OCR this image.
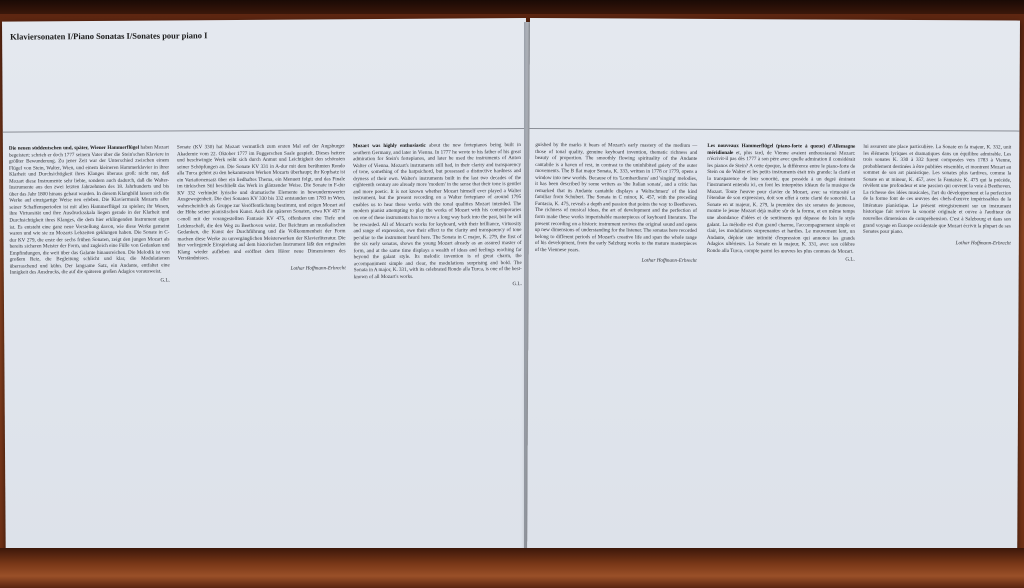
Klaviersonaten I/Piano Sonatas I/Sonates pour piano I

Die neuen süddeutschen und, später, Wiener Hammerflügel haben Mozart begeistert: schrieb er doch 1777 seinem Vater über die Stein'schen Klaviere in größter Bewunderung. Zu jener Zeit war der Unterschied zwischen einem Flügel von Stein, Walter, Wien, und einem kleineren Hammerklavier in ihrer Klarheit und Durchsichtigkeit ihres Klanges überaus groß: nicht nur, daß Mozart diese Instrumente sehr liebte, sondern auch dadurch, daß die Walter-Instrumente aus den zwei letzten Jahrzehnten des 18. Jahrhunderts und bis über das Jahr 1800 hinaus gebaut wurden. In diesem Klangbild lassen sich die Werke auf einzigartige Weise neu erleben. Die Klaviermusik Mozarts aller seiner Schaffensperioden ist mit allen Hammerflügel zu spielen; ihr Wesen, ihre Virtuosität und ihre Ausdrucksskala liegen gerade in der Klarheit und Durchsichtigkeit ihres Klanges, die dem hier erklingenden Instrument eigen ist. Es entsteht eine ganz neue Vorstellung davon, wie diese Werke gemeint waren und wie sie zu Mozarts Lebzeiten geklungen haben. Die Sonate in C-dur KV 279, die erste der sechs frühen Sonaten, zeigt den jungen Mozart als bereits sicheren Meister der Form, und zugleich eine Fülle von Gedanken und Empfindungen, die weit über das Galante hinausreichen. Die Melodik ist von großem Reiz, die Begleitung schlicht und klar, die Modulationen überraschend und kühn. Der langsame Satz, ein Andante, entfaltet eine Innigkeit des Ausdrucks, die auf die späteren großen Adagios vorausweist.

G.L.

Sonate (KV 330) hat Mozart vermutlich zum ersten Mal auf der Augsburger Akademie vom 22. Oktober 1777 im Fuggerschen Saale gespielt. Dieses heitere und beschwingte Werk reiht sich durch Anmut und Leichtigkeit den schönsten seiner Schöpfungen an. Die Sonate KV 331 in A-dur mit dem berühmten Rondo alla Turca gehört zu den bekanntesten Werken Mozarts überhaupt; ihr Kopfsatz ist ein Variationensatz über ein liedhaftes Thema, ein Menuett folgt, und das Finale im türkischen Stil beschließt das Werk in glänzender Weise. Die Sonate in F-dur KV 332 verbindet lyrische und dramatische Elemente in bewundernswerter Ausgewogenheit. Die drei Sonaten KV 330 bis 332 entstanden um 1783 in Wien, wahrscheinlich als Gruppe zur Veröffentlichung bestimmt, und zeigen Mozart auf der Höhe seiner pianistischen Kunst. Auch die späteren Sonaten, etwa KV 457 in c-moll mit der vorangestellten Fantasie KV 475, offenbaren eine Tiefe und Leidenschaft, die den Weg zu Beethoven weist. Der Reichtum an musikalischen Gedanken, die Kunst der Durchführung und die Vollkommenheit der Form machen diese Werke zu unvergänglichen Meisterwerken der Klavierliteratur. Die hier vorliegende Einspielung auf dem historischen Instrument läßt den originalen Klang wieder aufleben und eröffnet dem Hörer neue Dimensionen des Verständnisses.

Lothar Hoffmann-Erbrecht

Mozart was highly enthusiastic about the new fortepianos being built in southern Germany, and later in Vienna. In 1777 he wrote to his father of his great admiration for Stein's fortepianos, and later he used the instruments of Anton Walter of Vienna. Mozart's instruments still had, in their clarity and transparency of tone, something of the harpsichord, but possessed a distinctive hardness and dryness of their own. Walter's instruments built in the last two decades of the eighteenth century are already more 'modern' in the sense that their tone is gentler and more poetic. It is not known whether Mozart himself ever played a Walter instrument, but the present recording on a Walter fortepiano of around 1795 enables us to hear these works with the tonal qualities Mozart intended. The modern pianist attempting to play the works of Mozart with his contemporaries on one of these instruments has to move a long way back into the past, but he will be rewarded. All of Mozart's works for keyboard, with their brilliance, virtuosity and range of expression, owe their effect to the clarity and transparency of tone peculiar to the instrument heard here. The Sonata in C major, K. 279, the first of the six early sonatas, shows the young Mozart already as an assured master of form, and at the same time displays a wealth of ideas and feelings reaching far beyond the galant style. Its melodic invention is of great charm, the accompaniment simple and clear, the modulations surprising and bold. The Sonata in A major, K. 331, with its celebrated Rondo alla Turca, is one of the best-known of all Mozart's works.

G.L.

guished by the marks it bears of Mozart's early mastery of the medium — those of tonal quality, genuine keyboard invention, thematic richness and beauty of proportion. The smoothly flowing spirituality of the Andante cantabile is a haven of rest, in contrast to the uninhibited gaiety of the outer movements. The B flat major Sonata, K. 333, written in 1778 or 1779, opens a window into new worlds. Because of its 'Lombardisms' and 'singing' melodies, it has been described by some writers as 'the Italian sonata', and a critic has remarked that its Andante cantabile displays a 'Weltschmerz' of the kind familiar from Schubert. The Sonata in C minor, K. 457, with the preceding Fantasia, K. 475, reveals a depth and passion that points the way to Beethoven. The richness of musical ideas, the art of development and the perfection of form make these works imperishable masterpieces of keyboard literature. The present recording on a historic instrument revives the original sound and opens up new dimensions of understanding for the listener. The sonatas here recorded belong to different periods of Mozart's creative life and span the whole range of his development, from the early Salzburg works to the mature masterpieces of the Viennese years.

Lothar Hoffmann-Erbrecht

Les nouveaux Hammerflügel (piano-forte à queue) d'Allemagne méridionale et, plus tard, de Vienne avaient enthousiasmé Mozart: n'écrivit-il pas dès 1777 à son père avec quelle admiration il considérait les pianos de Stein? A cette époque, la différence entre le piano-forte de Stein ou de Walter et les petits instruments était très grande: la clarté et la transparence de leur sonorité, que possède à un degré éminent l'instrument entendu ici, en font les interprètes idéaux de la musique de Mozart. Toute l'œuvre pour clavier de Mozart, avec sa virtuosité et l'étendue de son expression, doit son effet à cette clarté de sonorité. La Sonate en ut majeur, K. 279, la première des six sonates de jeunesse, montre le jeune Mozart déjà maître sûr de la forme, et en même temps une abondance d'idées et de sentiments qui dépasse de loin le style galant. La mélodie est d'un grand charme, l'accompagnement simple et clair, les modulations surprenantes et hardies. Le mouvement lent, un Andante, déploie une intimité d'expression qui annonce les grands Adagios ultérieurs. La Sonate en la majeur, K. 331, avec son célèbre Rondo alla Turca, compte parmi les œuvres les plus connues de Mozart.

G.L.

lui assurent une place particulière. La Sonate en fa majeur, K. 332, unit les éléments lyriques et dramatiques dans un équilibre admirable. Les trois sonates K. 330 à 332 furent composées vers 1783 à Vienne, probablement destinées à être publiées ensemble, et montrent Mozart au sommet de son art pianistique. Les sonates plus tardives, comme la Sonate en ut mineur, K. 457, avec la Fantaisie K. 475 qui la précède, révèlent une profondeur et une passion qui ouvrent la voie à Beethoven. La richesse des idées musicales, l'art du développement et la perfection de la forme font de ces œuvres des chefs-d'œuvre impérissables de la littérature pianistique. Le présent enregistrement sur un instrument historique fait revivre la sonorité originale et ouvre à l'auditeur de nouvelles dimensions de compréhension. C'est à Salzbourg et dans son grand voyage en Europe occidentale que Mozart écrivit la plupart de ses Sonates pour piano.

Lothar Hoffmann-Erbrecht
